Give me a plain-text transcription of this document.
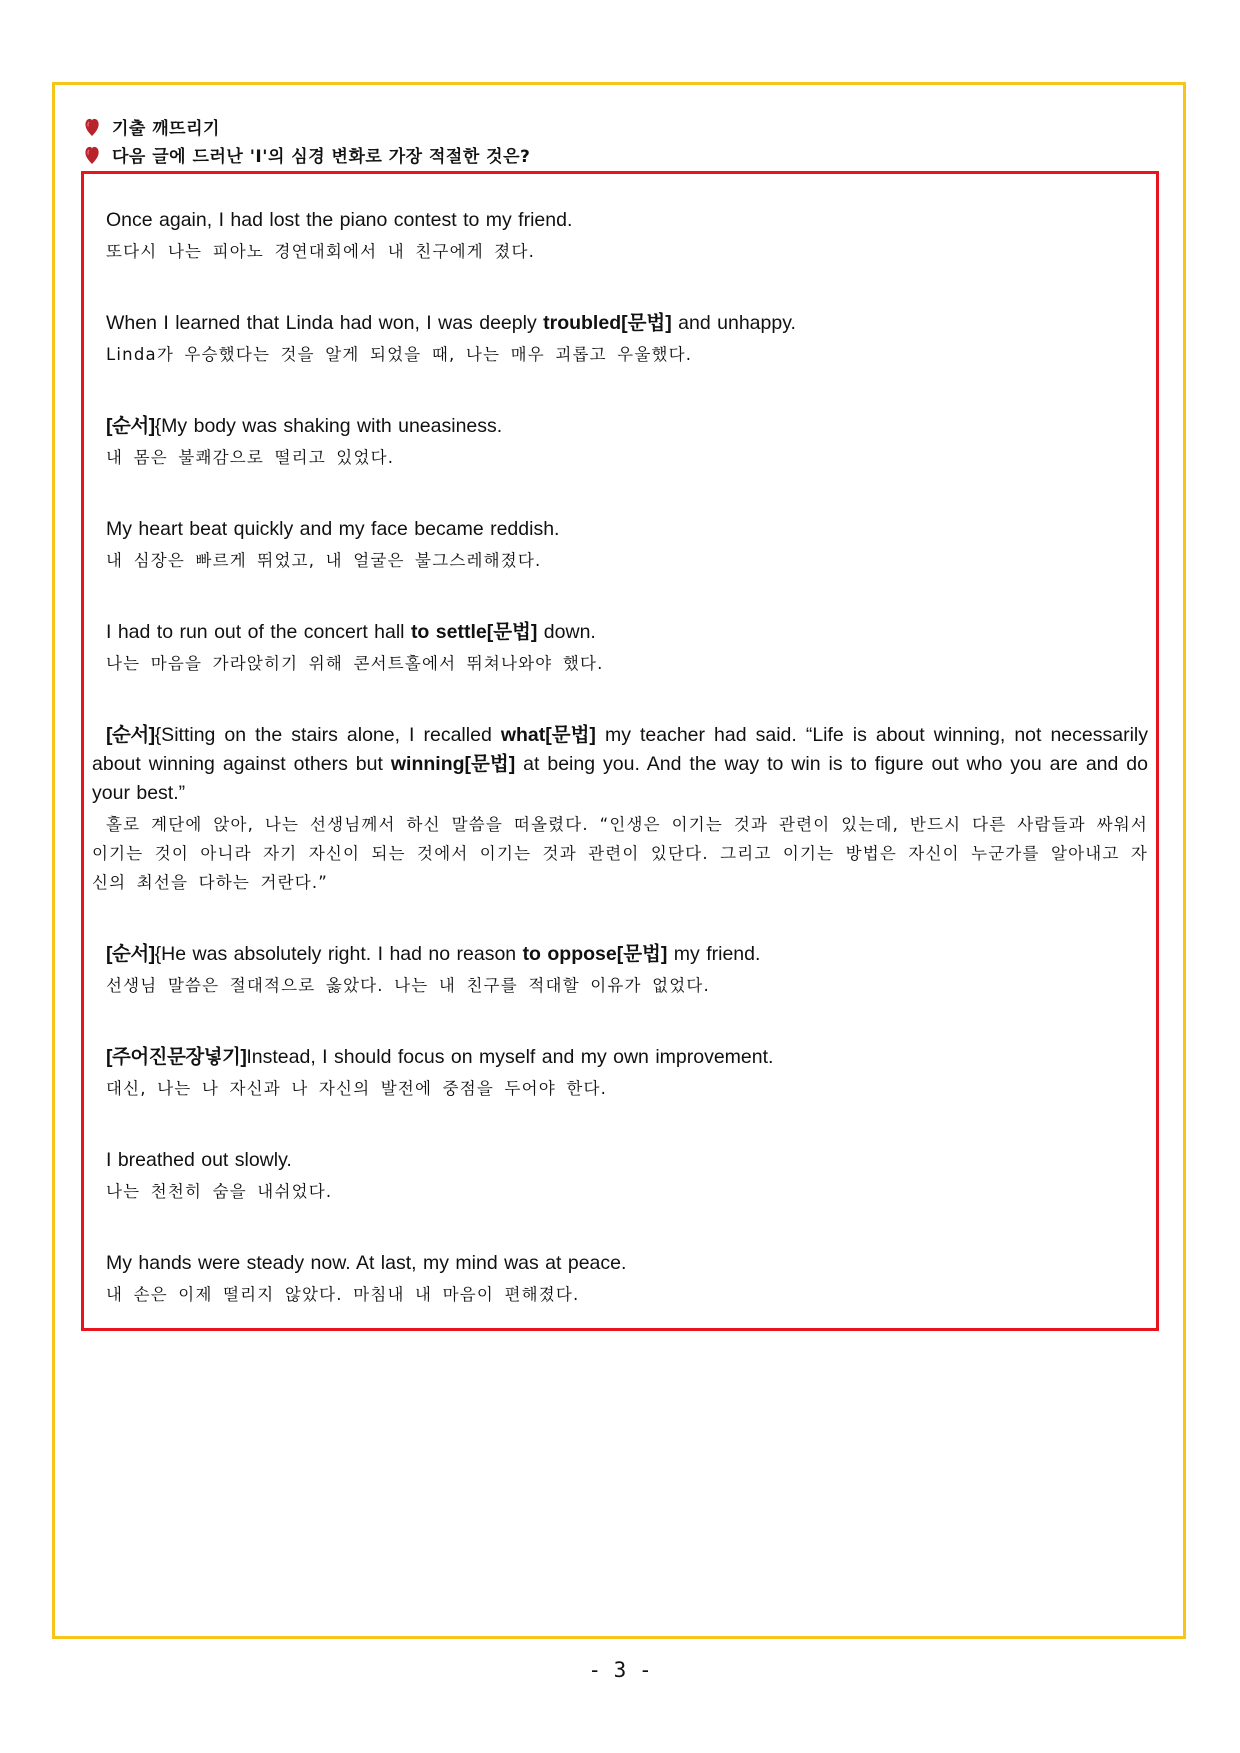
기출 깨뜨리기
다음 글에 드러난 'I'의 심경 변화로 가장 적절한 것은?

Once again, I had lost the piano contest to my friend.

또다시 나는 피아노 경연대회에서 내 친구에게 졌다.

When I learned that Linda had won, I was deeply troubled[문법] and unhappy.

Linda가 우승했다는 것을 알게 되었을 때, 나는 매우 괴롭고 우울했다.

[순서]{My body was shaking with uneasiness.

내 몸은 불쾌감으로 떨리고 있었다.

My heart beat quickly and my face became reddish.

내 심장은 빠르게 뛰었고, 내 얼굴은 불그스레해졌다.

I had to run out of the concert hall to settle[문법] down.

나는 마음을 가라앉히기 위해 콘서트홀에서 뛰쳐나와야 했다.

[순서]{Sitting on the stairs alone, I recalled what[문법] my teacher had said. “Life is about winning, not necessarily about winning against others but winning[문법] at being you. And the way to win is to figure out who you are and do your best.”

홀로 계단에 앉아, 나는 선생님께서 하신 말씀을 떠올렸다. “인생은 이기는 것과 관련이 있는데, 반드시 다른 사람들과 싸워서 이기는 것이 아니라 자기 자신이 되는 것에서 이기는 것과 관련이 있단다. 그리고 이기는 방법은 자신이 누군가를 알아내고 자신의 최선을 다하는 거란다.”

[순서]{He was absolutely right. I had no reason to oppose[문법] my friend.

선생님 말씀은 절대적으로 옳았다. 나는 내 친구를 적대할 이유가 없었다.

[주어진문장넣기]Instead, I should focus on myself and my own improvement.

대신, 나는 나 자신과 나 자신의 발전에 중점을 두어야 한다.

I breathed out slowly.

나는 천천히 숨을 내쉬었다.

My hands were steady now. At last, my mind was at peace.

내 손은 이제 떨리지 않았다. 마침내 내 마음이 편해졌다.

- 3 -
